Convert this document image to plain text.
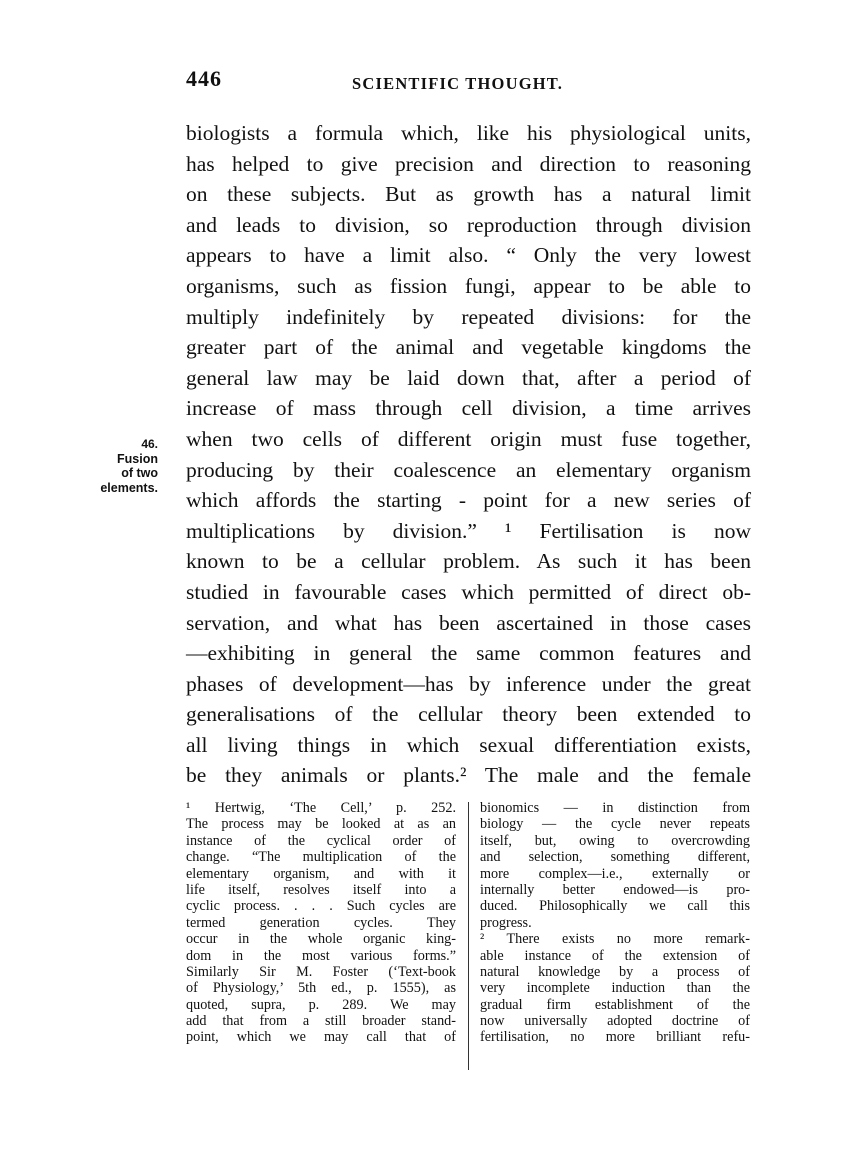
446	SCIENTIFIC THOUGHT.
46.
Fusion
of two
elements.
biologists a formula which, like his physiological units,
has helped to give precision and direction to reasoning
on these subjects. But as growth has a natural limit
and leads to division, so reproduction through division
appears to have a limit also. “ Only the very lowest
organisms, such as fission fungi, appear to be able to
multiply indefinitely by repeated divisions: for the
greater part of the animal and vegetable kingdoms the
general law may be laid down that, after a period of
increase of mass through cell division, a time arrives
when two cells of different origin must fuse together,
producing by their coalescence an elementary organism
which affords the starting - point for a new series of
multiplications by division.” ¹ Fertilisation is now
known to be a cellular problem. As such it has been
studied in favourable cases which permitted of direct ob-
servation, and what has been ascertained in those cases
—exhibiting in general the same common features and
phases of development—has by inference under the great
generalisations of the cellular theory been extended to
all living things in which sexual differentiation exists,
be they animals or plants.² The male and the female
¹ Hertwig, ‘The Cell,’ p. 252.
The process may be looked at as an
instance of the cyclical order of
change. “The multiplication of the
elementary organism, and with it
life itself, resolves itself into a
cyclic process. . . . Such cycles are
termed generation cycles. They
occur in the whole organic king-
dom in the most various forms.”
Similarly Sir M. Foster (‘Text-book
of Physiology,’ 5th ed., p. 1555), as
quoted, supra, p. 289. We may
add that from a still broader stand-
point, which we may call that of
bionomics — in distinction from
biology — the cycle never repeats
itself, but, owing to overcrowding
and selection, something different,
more complex—i.e., externally or
internally better endowed—is pro-
duced. Philosophically we call this
progress.
² There exists no more remark-
able instance of the extension of
natural knowledge by a process of
very incomplete induction than the
gradual firm establishment of the
now universally adopted doctrine of
fertilisation, no more brilliant refu-
